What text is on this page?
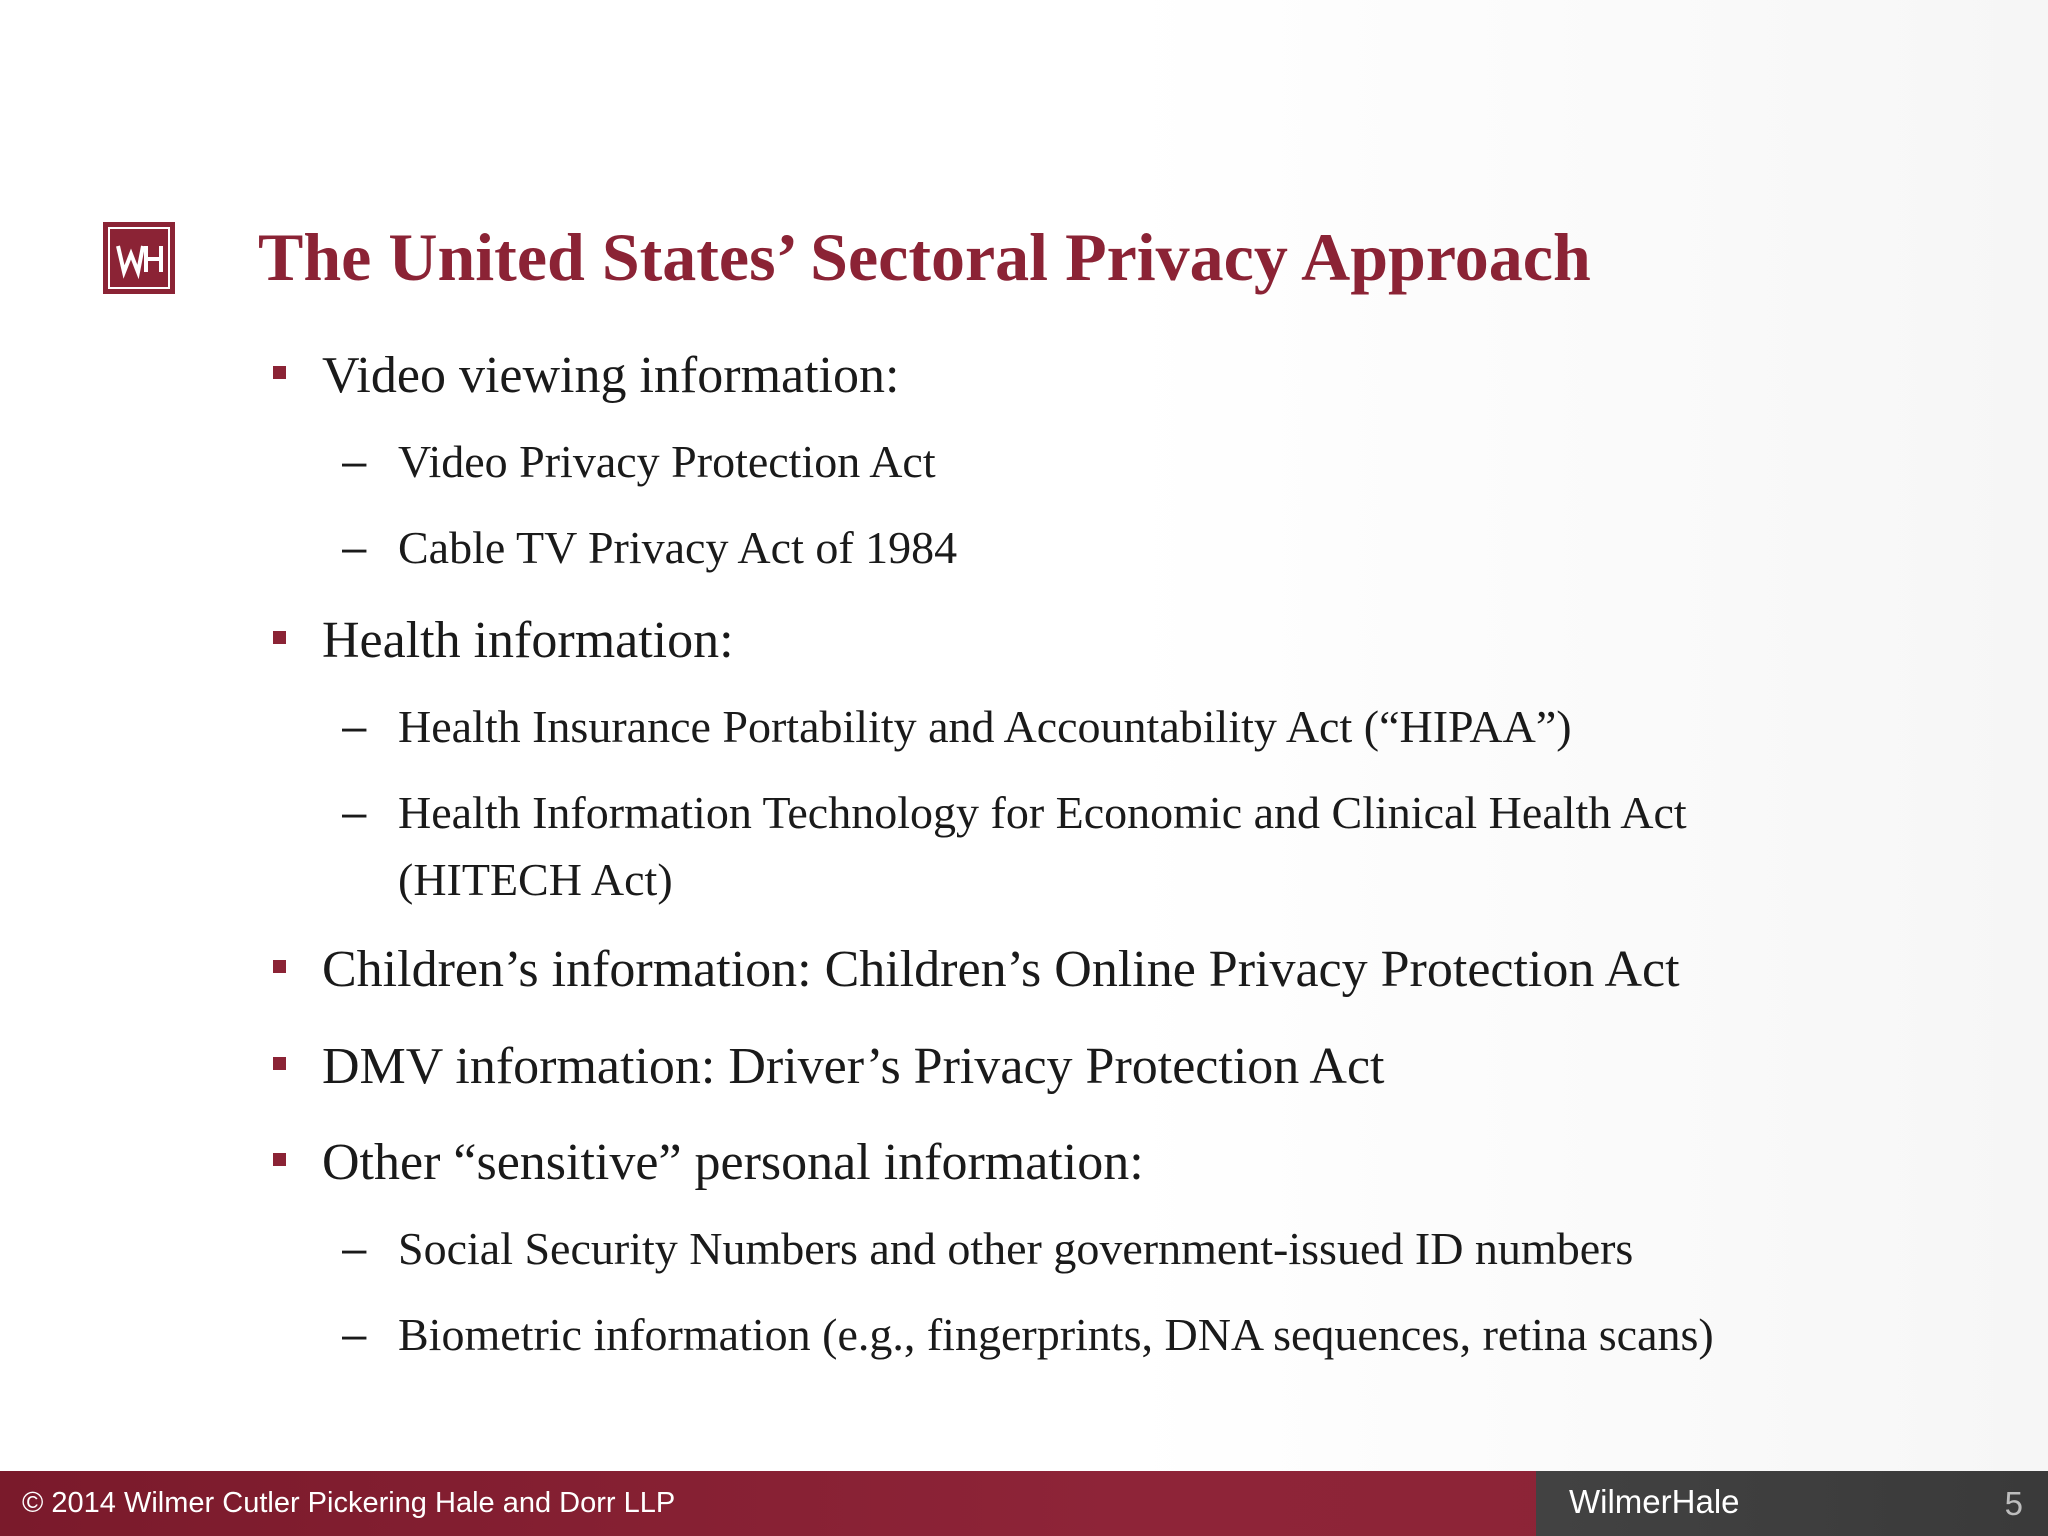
The United States’ Sectoral Privacy Approach
Video viewing information:
– Video Privacy Protection Act
– Cable TV Privacy Act of 1984
Health information:
– Health Insurance Portability and Accountability Act (“HIPAA”)
– Health Information Technology for Economic and Clinical Health Act (HITECH Act)
Children’s information: Children’s Online Privacy Protection Act
DMV information: Driver’s Privacy Protection Act
Other “sensitive” personal information:
– Social Security Numbers and other government-issued ID numbers
– Biometric information (e.g., fingerprints, DNA sequences, retina scans)
© 2014 Wilmer Cutler Pickering Hale and Dorr LLP	WilmerHale	5
